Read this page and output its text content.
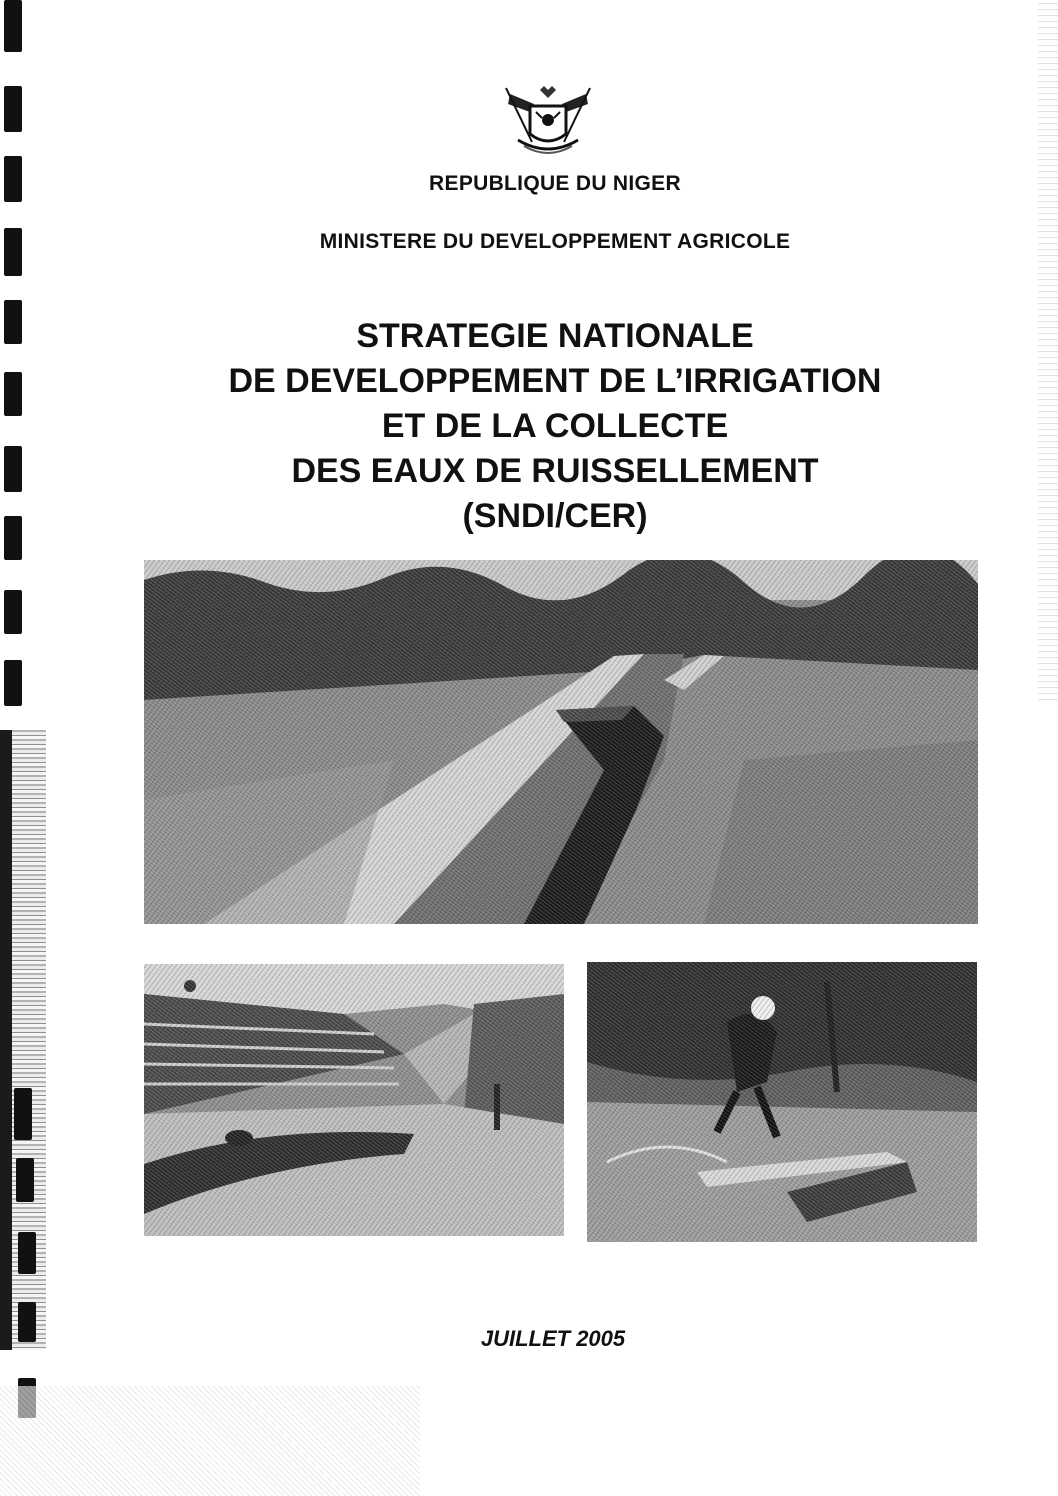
REPUBLIQUE DU NIGER
MINISTERE DU DEVELOPPEMENT AGRICOLE
STRATEGIE NATIONALE
DE DEVELOPPEMENT DE L’IRRIGATION
ET DE LA COLLECTE
DES EAUX DE RUISSELLEMENT
(SNDI/CER)
JUILLET 2005
